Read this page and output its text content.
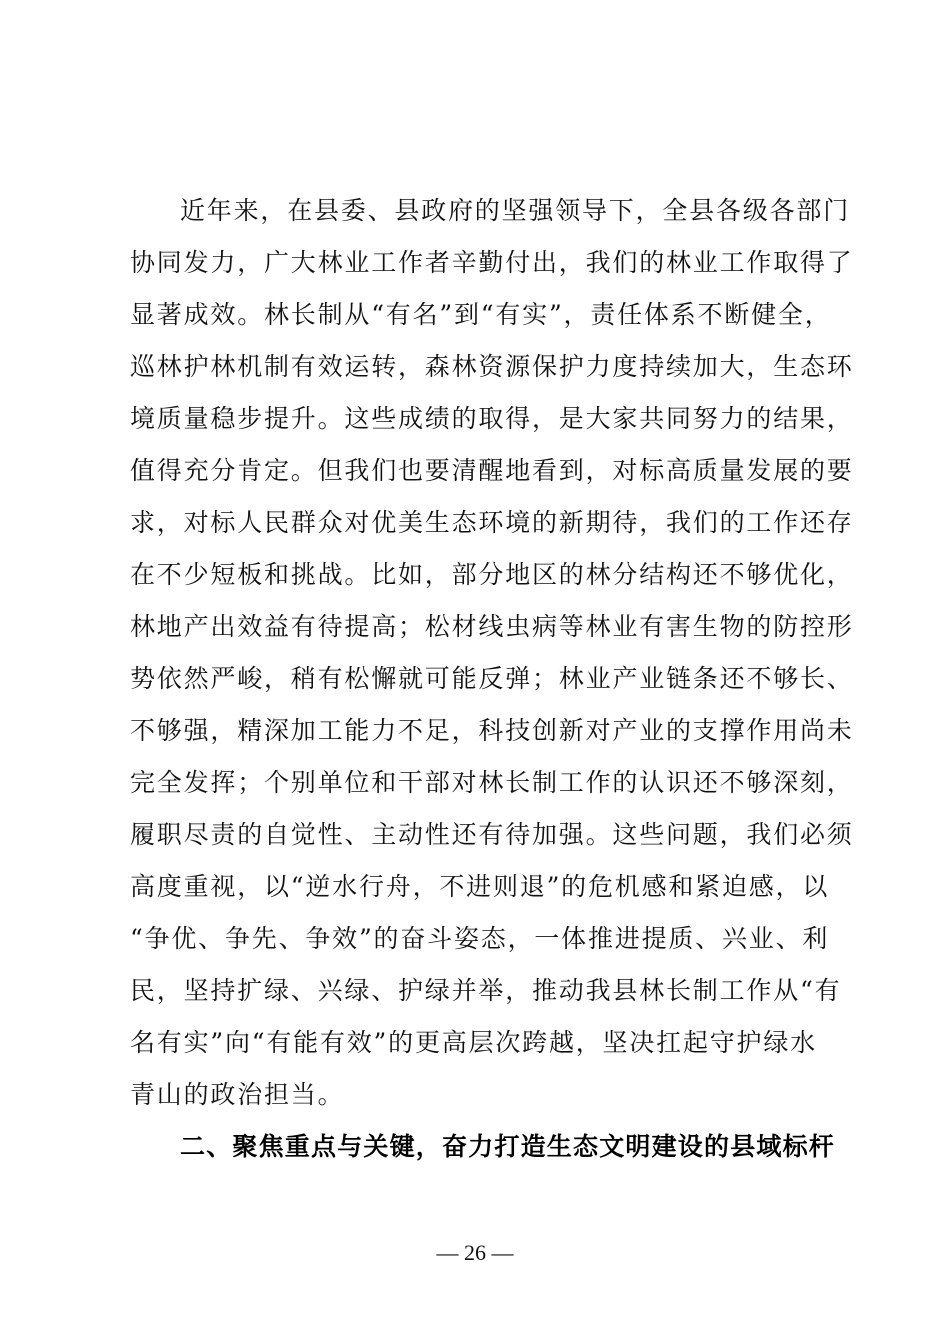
近年来，在县委、县政府的坚强领导下，全县各级各部门
协同发力，广大林业工作者辛勤付出，我们的林业工作取得了
显著成效。林长制从“有名”到“有实”，责任体系不断健全，
巡林护林机制有效运转，森林资源保护力度持续加大，生态环
境质量稳步提升。这些成绩的取得，是大家共同努力的结果，
值得充分肯定。但我们也要清醒地看到，对标高质量发展的要
求，对标人民群众对优美生态环境的新期待，我们的工作还存
在不少短板和挑战。比如，部分地区的林分结构还不够优化，
林地产出效益有待提高；松材线虫病等林业有害生物的防控形
势依然严峻，稍有松懈就可能反弹；林业产业链条还不够长、
不够强，精深加工能力不足，科技创新对产业的支撑作用尚未
完全发挥；个别单位和干部对林长制工作的认识还不够深刻，
履职尽责的自觉性、主动性还有待加强。这些问题，我们必须
高度重视，以“逆水行舟，不进则退”的危机感和紧迫感，以
“争优、争先、争效”的奋斗姿态，一体推进提质、兴业、利
民，坚持扩绿、兴绿、护绿并举，推动我县林长制工作从“有
名有实”向“有能有效”的更高层次跨越，坚决扛起守护绿水
青山的政治担当。
二、聚焦重点与关键，奋力打造生态文明建设的县域标杆
— 26 —
